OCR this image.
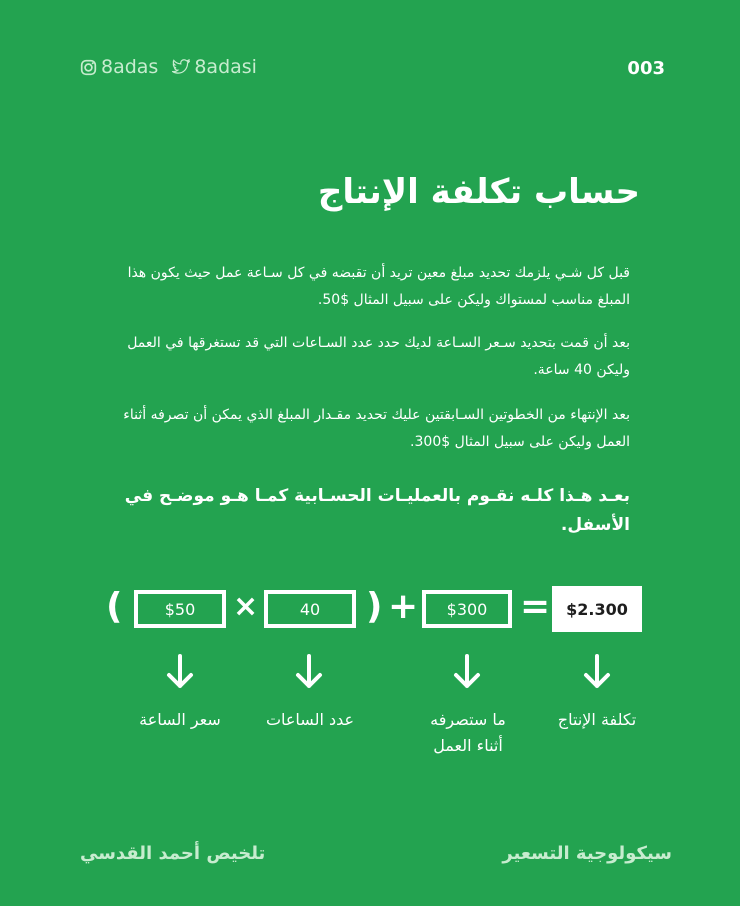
8adas 8adasi	003
حساب تكلفة الإنتاج

قبل كل شـي يلزمك تحديد مبلغ معين تريد أن تقبضه في كل سـاعة عمل حيث يكون هذا المبلغ مناسب لمستواك وليكن على سبيل المثال $50.

بعد أن قمت بتحديد سـعر السـاعة لديك حدد عدد السـاعات التي قد تستغرقها في العمل وليكن 40 ساعة.

بعد الإنتهاء من الخطوتين السـابقتين عليك تحديد مقـدار المبلغ الذي يمكن أن تصرفه أثناء العمل وليكن على سبيل المثال $300.

بعـد هـذا كلـه نقـوم بالعمليـات الحسـابية كمـا هـو موضـح في الأسفل.

(	$50	×	40	) +	$300 = $2.300
سعر الساعة	عدد الساعات	ما ستصرفه
أثناء العمل
تكلفة الإنتاج
تلخيص أحمد القدسي	سيكولوجية التسعير
